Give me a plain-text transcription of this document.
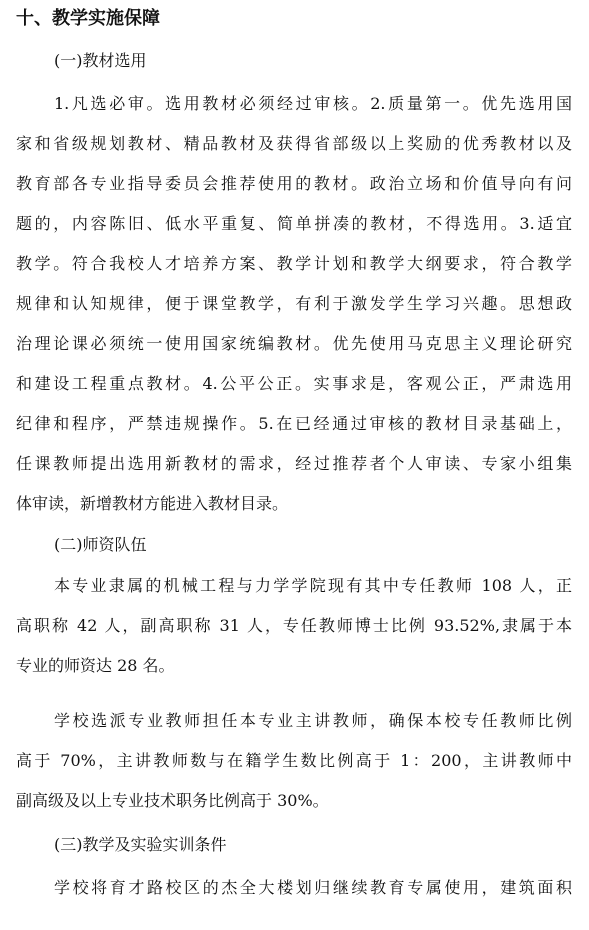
十、教学实施保障
(一)教材选用
1.凡选必审。选用教材必须经过审核。2.质量第一。优先选用国
家和省级规划教材、精品教材及获得省部级以上奖励的优秀教材以及
教育部各专业指导委员会推荐使用的教材。政治立场和价值导向有问
题的，内容陈旧、低水平重复、简单拼凑的教材，不得选用。3.适宜
教学。符合我校人才培养方案、教学计划和教学大纲要求，符合教学
规律和认知规律，便于课堂教学，有利于激发学生学习兴趣。思想政
治理论课必须统一使用国家统编教材。优先使用马克思主义理论研究
和建设工程重点教材。4.公平公正。实事求是，客观公正，严肃选用
纪律和程序，严禁违规操作。5.在已经通过审核的教材目录基础上，
任课教师提出选用新教材的需求，经过推荐者个人审读、专家小组集
体审读，新增教材方能进入教材目录。
(二)师资队伍
本专业隶属的机械工程与力学学院现有其中专任教师 108 人，正
高职称 42 人，副高职称 31 人，专任教师博士比例 93.52%,隶属于本
专业的师资达 28 名。
学校选派专业教师担任本专业主讲教师，确保本校专任教师比例
高于 70%，主讲教师数与在籍学生数比例高于 1：200，主讲教师中
副高级及以上专业技术职务比例高于 30%。
(三)教学及实验实训条件
学校将育才路校区的杰全大楼划归继续教育专属使用，建筑面积
